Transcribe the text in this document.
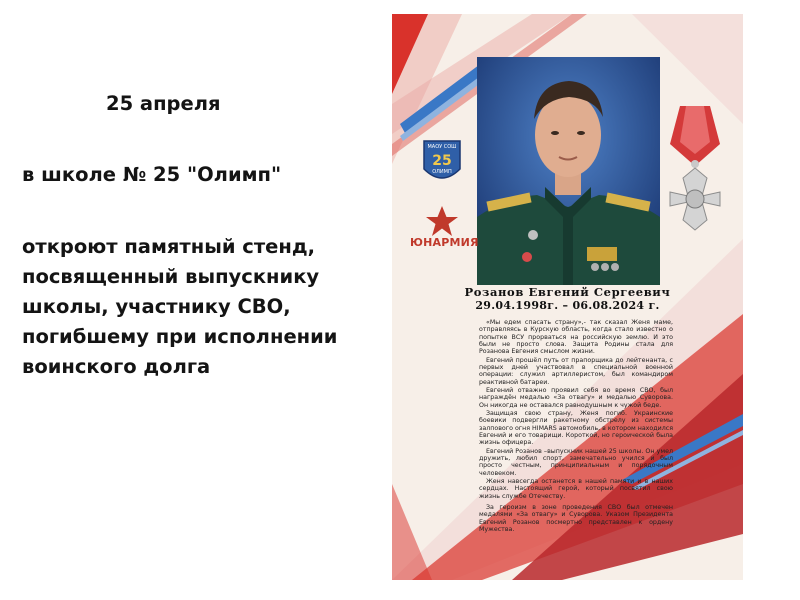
25 апреля
в школе № 25 "Олимп"
откроют памятный стенд, посвященный выпускнику школы, участнику СВО, погибшему при исполнении воинского долга
МАОУ СОШ
25
ОЛИМП
ЮНАРМИЯ
Розанов Евгений Сергеевич
29.04.1998г. – 06.08.2024 г.

«Мы едем спасать страну»,- так сказал Женя маме, отправляясь в Курскую область, когда стало известно о попытке ВСУ прорваться на российскую землю. И это были не просто слова. Защита Родины стала для Розанова Евгения смыслом жизни.

Евгений прошёл путь от прапорщика до лейтенанта, с первых дней участвовал в специальной военной операции: служил артиллеристом, был командиром реактивной батареи.

Евгений отважно проявил себя во время СВО, был награждён медалью «За отвагу» и медалью Суворова. Он никогда не оставался равнодушным к чужой беде.

Защищая свою страну, Женя погиб. Украинские боевики подвергли ракетному обстрелу из системы залпового огня HIMARS автомобиль, в котором находился Евгений и его товарищи. Короткой, но героической была жизнь офицера.

Евгений Розанов –выпускник нашей 25 школы. Он умел дружить, любил спорт, замечательно учился и был просто честным, принципиальным и порядочным человеком.

Женя навсегда останется в нашей памяти и в наших сердцах. Настоящий герой, который посвятил свою жизнь службе Отечеству.

За героизм в зоне проведения СВО был отмечен медалями «За отвагу» и Суворова. Указом Президента Евгений Розанов посмертно представлен к ордену Мужества.
